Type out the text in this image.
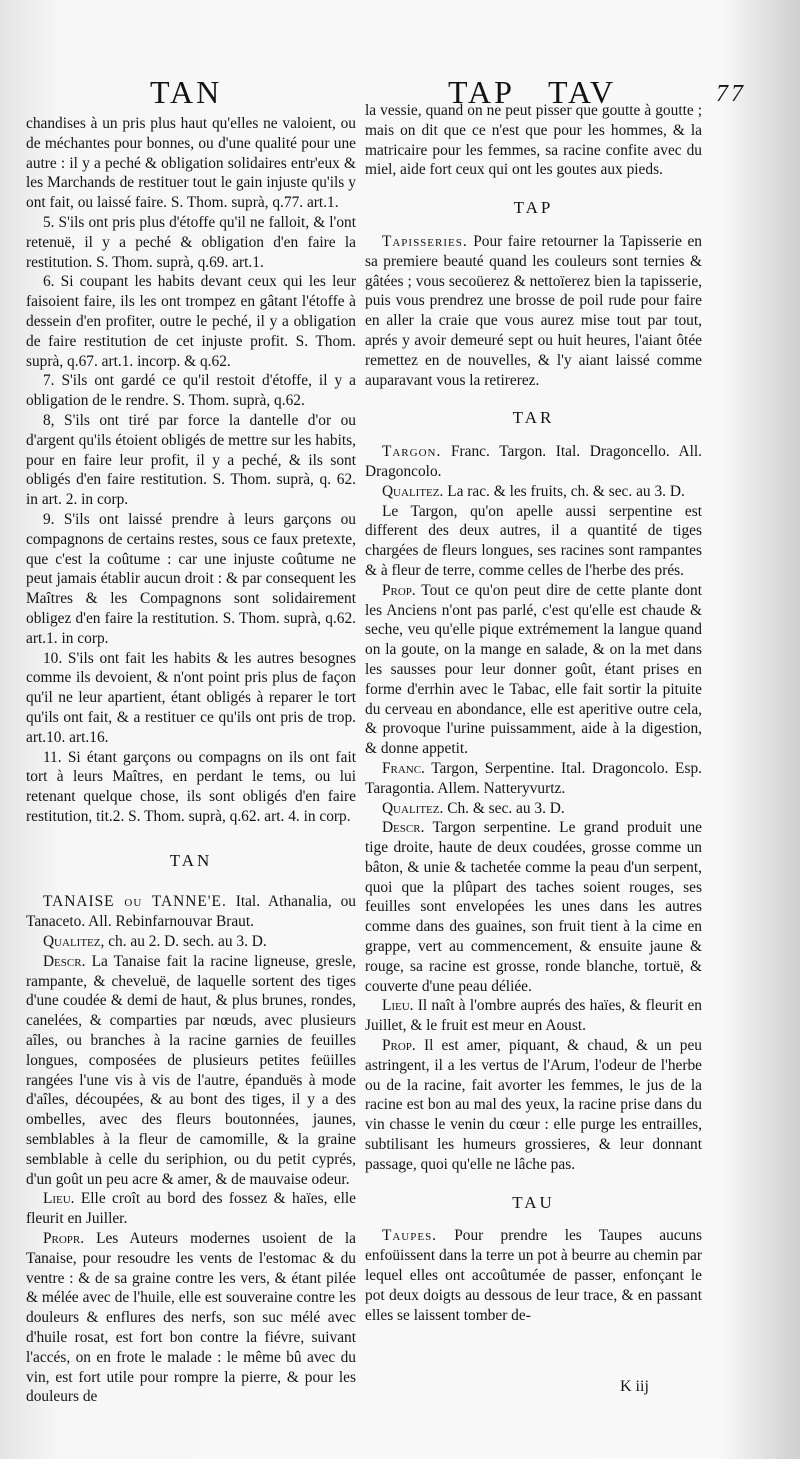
TAN	TAP TAV	77

chandises à un pris plus haut qu'elles ne valoient, ou de méchantes pour bonnes, ou d'une qualité pour une autre : il y a peché & obligation solidaires entr'eux & les Marchands de restituer tout le gain injuste qu'ils y ont fait, ou laissé faire. S. Thom. suprà, q.77. art.1.

5. S'ils ont pris plus d'étoffe qu'il ne falloit, & l'ont retenuë, il y a peché & obligation d'en faire la restitution. S. Thom. suprà, q.69. art.1.

6. Si coupant les habits devant ceux qui les leur faisoient faire, ils les ont trompez en gâtant l'étoffe à dessein d'en profiter, outre le peché, il y a obligation de faire restitution de cet injuste profit. S. Thom. suprà, q.67. art.1. incorp. & q.62.

7. S'ils ont gardé ce qu'il restoit d'étoffe, il y a obligation de le rendre. S. Thom. suprà, q.62.

8, S'ils ont tiré par force la dantelle d'or ou d'argent qu'ils étoient obligés de mettre sur les habits, pour en faire leur profit, il y a peché, & ils sont obligés d'en faire restitution. S. Thom. suprà, q. 62. in art. 2. in corp.

9. S'ils ont laissé prendre à leurs garçons ou compagnons de certains restes, sous ce faux pretexte, que c'est la coûtume : car une injuste coûtume ne peut jamais établir aucun droit : & par consequent les Maîtres & les Compagnons sont solidairement obligez d'en faire la restitution. S. Thom. suprà, q.62. art.1. in corp.

10. S'ils ont fait les habits & les autres besognes comme ils devoient, & n'ont point pris plus de façon qu'il ne leur apartient, étant obligés à reparer le tort qu'ils ont fait, & a restituer ce qu'ils ont pris de trop. art.10. art.16.

11. Si étant garçons ou compagns on ils ont fait tort à leurs Maîtres, en perdant le tems, ou lui retenant quelque chose, ils sont obligés d'en faire restitution, tit.2. S. Thom. suprà, q.62. art. 4. in corp.

TAN

TANAISE ou TANNE'E. Ital. Athanalia, ou Tanaceto. All. Rebinfarnouvar Braut.

Qualitez, ch. au 2. D. sech. au 3. D.

Descr. La Tanaise fait la racine ligneuse, gresle, rampante, & cheveluë, de laquelle sortent des tiges d'une coudée & demi de haut, & plus brunes, rondes, canelées, & comparties par nœuds, avec plusieurs aîles, ou branches à la racine garnies de feuilles longues, composées de plusieurs petites feüilles rangées l'une vis à vis de l'autre, épanduës à mode d'aîles, découpées, & au bont des tiges, il y a des ombelles, avec des fleurs boutonnées, jaunes, semblables à la fleur de camomille, & la graine semblable à celle du seriphion, ou du petit cyprés, d'un goût un peu acre & amer, & de mauvaise odeur.

Lieu. Elle croît au bord des fossez & haïes, elle fleurit en Juiller.

Propr. Les Auteurs modernes usoient de la Tanaise, pour resoudre les vents de l'estomac & du ventre : & de sa graine contre les vers, & étant pilée & mélée avec de l'huile, elle est souveraine contre les douleurs & enflures des nerfs, son suc mélé avec d'huile rosat, est fort bon contre la fiévre, suivant l'accés, on en frote le malade : le même bû avec du vin, est fort utile pour rompre la pierre, & pour les douleurs de

la vessie, quand on ne peut pisser que goutte à goutte ; mais on dit que ce n'est que pour les hommes, & la matricaire pour les femmes, sa racine confite avec du miel, aide fort ceux qui ont les goutes aux pieds.

TAP

Tapisseries. Pour faire retourner la Tapisserie en sa premiere beauté quand les couleurs sont ternies & gâtées ; vous secoüerez & nettoïerez bien la tapisserie, puis vous prendrez une brosse de poil rude pour faire en aller la craie que vous aurez mise tout par tout, aprés y avoir demeuré sept ou huit heures, l'aiant ôtée remettez en de nouvelles, & l'y aiant laissé comme auparavant vous la retirerez.

TAR

Targon. Franc. Targon. Ital. Dragoncello. All. Dragoncolo.

Qualitez. La rac. & les fruits, ch. & sec. au 3. D.

Le Targon, qu'on apelle aussi serpentine est different des deux autres, il a quantité de tiges chargées de fleurs longues, ses racines sont rampantes & à fleur de terre, comme celles de l'herbe des prés.

Prop. Tout ce qu'on peut dire de cette plante dont les Anciens n'ont pas parlé, c'est qu'elle est chaude & seche, veu qu'elle pique extrémement la langue quand on la goute, on la mange en salade, & on la met dans les sausses pour leur donner goût, étant prises en forme d'errhin avec le Tabac, elle fait sortir la pituite du cerveau en abondance, elle est aperitive outre cela, & provoque l'urine puissamment, aide à la digestion, & donne appetit.

Franc. Targon, Serpentine. Ital. Dragoncolo. Esp. Taragontia. Allem. Natteryvurtz.

Qualitez. Ch. & sec. au 3. D.

Descr. Targon serpentine. Le grand produit une tige droite, haute de deux coudées, grosse comme un bâton, & unie & tachetée comme la peau d'un serpent, quoi que la plûpart des taches soient rouges, ses feuilles sont envelopées les unes dans les autres comme dans des guaines, son fruit tient à la cime en grappe, vert au commencement, & ensuite jaune & rouge, sa racine est grosse, ronde blanche, tortuë, & couverte d'une peau déliée.

Lieu. Il naît à l'ombre auprés des haïes, & fleurit en Juillet, & le fruit est meur en Aoust.

Prop. Il est amer, piquant, & chaud, & un peu astringent, il a les vertus de l'Arum, l'odeur de l'herbe ou de la racine, fait avorter les femmes, le jus de la racine est bon au mal des yeux, la racine prise dans du vin chasse le venin du cœur : elle purge les entrailles, subtilisant les humeurs grossieres, & leur donnant passage, quoi qu'elle ne lâche pas.

TAU

Taupes. Pour prendre les Taupes aucuns enfoüissent dans la terre un pot à beurre au chemin par lequel elles ont accoûtumée de passer, enfonçant le pot deux doigts au dessous de leur trace, & en passant elles se laissent tomber de-

K iij
